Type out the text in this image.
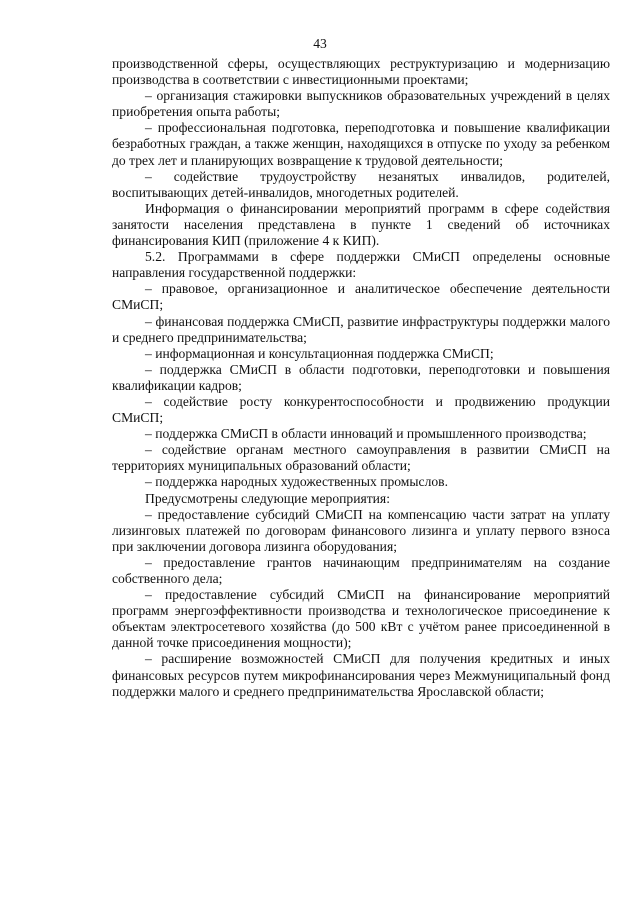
43

производственной сферы, осуществляющих реструктуризацию и модернизацию производства в соответствии с инвестиционными проектами;

– организация стажировки выпускников образовательных учреждений в целях приобретения опыта работы;

– профессиональная подготовка, переподготовка и повышение квалификации безработных граждан, а также женщин, находящихся в отпуске по уходу за ребенком до трех лет и планирующих возвращение к трудовой деятельности;

– содействие трудоустройству незанятых инвалидов, родителей, воспитывающих детей-инвалидов, многодетных родителей.

Информация о финансировании мероприятий программ в сфере содействия занятости населения представлена в пункте 1 сведений об источниках финансирования КИП (приложение 4 к КИП).

5.2. Программами в сфере поддержки СМиСП определены основные направления государственной поддержки:

– правовое, организационное и аналитическое обеспечение деятельности СМиСП;

– финансовая поддержка СМиСП, развитие инфраструктуры поддержки малого и среднего предпринимательства;

– информационная и консультационная поддержка СМиСП;

– поддержка СМиСП в области подготовки, переподготовки и повышения квалификации кадров;

– содействие росту конкурентоспособности и продвижению продукции СМиСП;

– поддержка СМиСП в области инноваций и промышленного производства;

– содействие органам местного самоуправления в развитии СМиСП на территориях муниципальных образований области;

– поддержка народных художественных промыслов.

Предусмотрены следующие мероприятия:

– предоставление субсидий СМиСП на компенсацию части затрат на уплату лизинговых платежей по договорам финансового лизинга и уплату первого взноса при заключении договора лизинга оборудования;

– предоставление грантов начинающим предпринимателям на создание собственного дела;

– предоставление субсидий СМиСП на финансирование мероприятий программ энергоэффективности производства и технологическое присоединение к объектам электросетевого хозяйства (до 500 кВт с учётом ранее присоединенной в данной точке присоединения мощности);

– расширение возможностей СМиСП для получения кредитных и иных финансовых ресурсов путем микрофинансирования через Межмуниципальный фонд поддержки малого и среднего предпринимательства Ярославской области;
